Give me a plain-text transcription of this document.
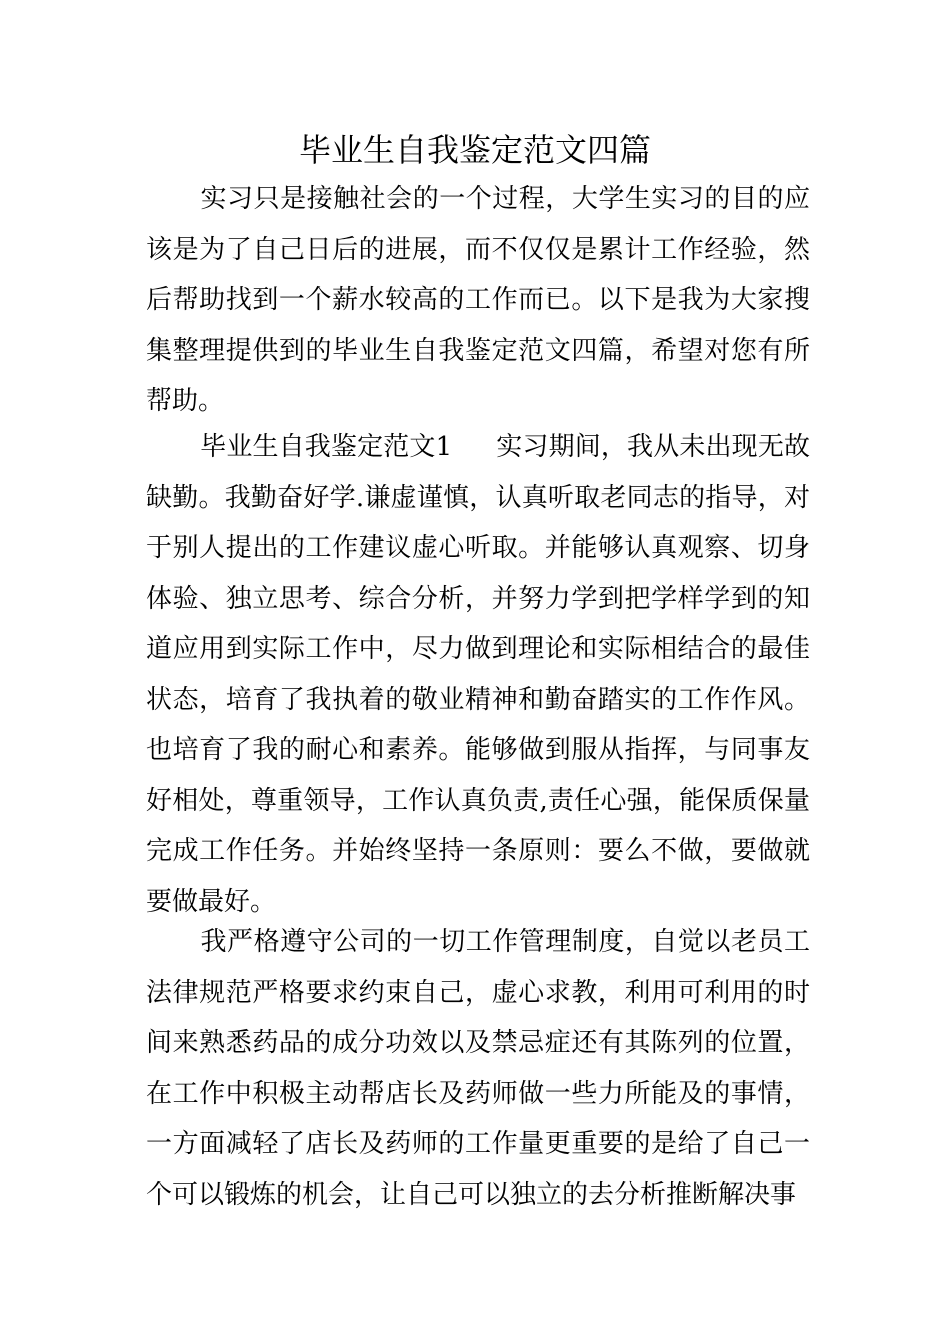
毕业生自我鉴定范文四篇

实习只是接触社会的一个过程，大学生实习的目的应该是为了自己日后的进展，而不仅仅是累计工作经验，然后帮助找到一个薪水较高的工作而已。以下是我为大家搜集整理提供到的毕业生自我鉴定范文四篇，希望对您有所帮助。

毕业生自我鉴定范文1 实习期间，我从未出现无故缺勤。我勤奋好学.谦虚谨慎，认真听取老同志的指导，对于别人提出的工作建议虚心听取。并能够认真观察、切身体验、独立思考、综合分析，并努力学到把学样学到的知道应用到实际工作中，尽力做到理论和实际相结合的最佳状态，培育了我执着的敬业精神和勤奋踏实的工作作风。也培育了我的耐心和素养。能够做到服从指挥，与同事友好相处，尊重领导，工作认真负责,责任心强，能保质保量完成工作任务。并始终坚持一条原则：要么不做，要做就要做最好。

我严格遵守公司的一切工作管理制度，自觉以老员工法律规范严格要求约束自己，虚心求教，利用可利用的时间来熟悉药品的成分功效以及禁忌症还有其陈列的位置，在工作中积极主动帮店长及药师做一些力所能及的事情，一方面减轻了店长及药师的工作量更重要的是给了自己一个可以锻炼的机会，让自己可以独立的去分析推断解决事
